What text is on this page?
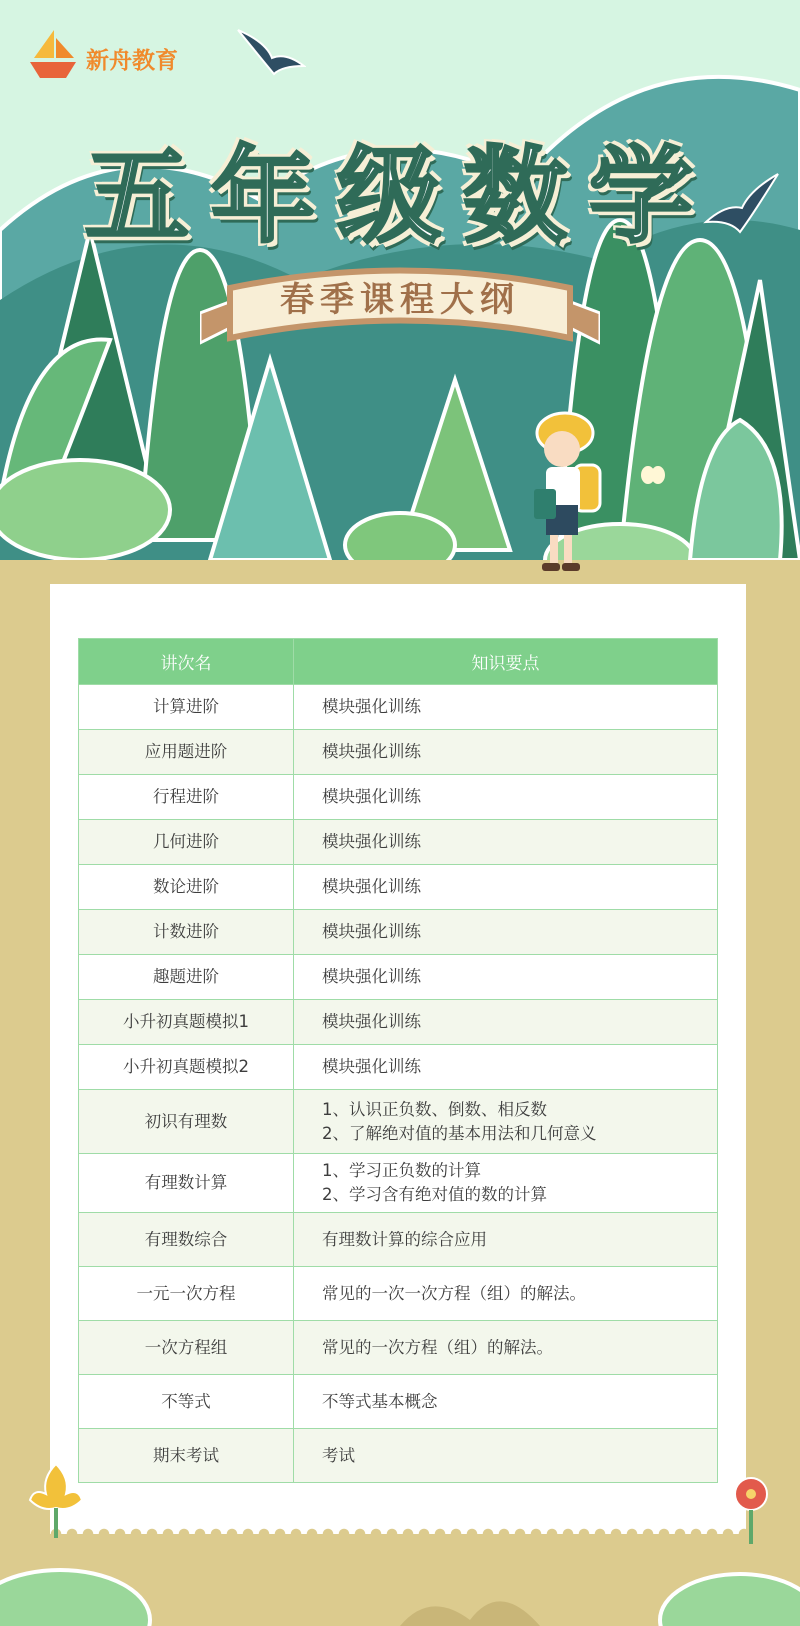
新舟教育
五年级数学
春季课程大纲
讲次名	知识要点
计算进阶	模块强化训练
应用题进阶	模块强化训练
行程进阶	模块强化训练
几何进阶	模块强化训练
数论进阶	模块强化训练
计数进阶	模块强化训练
趣题进阶	模块强化训练
小升初真题模拟1	模块强化训练
小升初真题模拟2	模块强化训练
初识有理数	1、认识正负数、倒数、相反数
2、了解绝对值的基本用法和几何意义

有理数计算	1、学习正负数的计算
2、学习含有绝对值的数的计算

有理数综合	有理数计算的综合应用
一元一次方程	常见的一次一次方程（组）的解法。
一次方程组	常见的一次方程（组）的解法。
不等式	不等式基本概念
期末考试	考试
